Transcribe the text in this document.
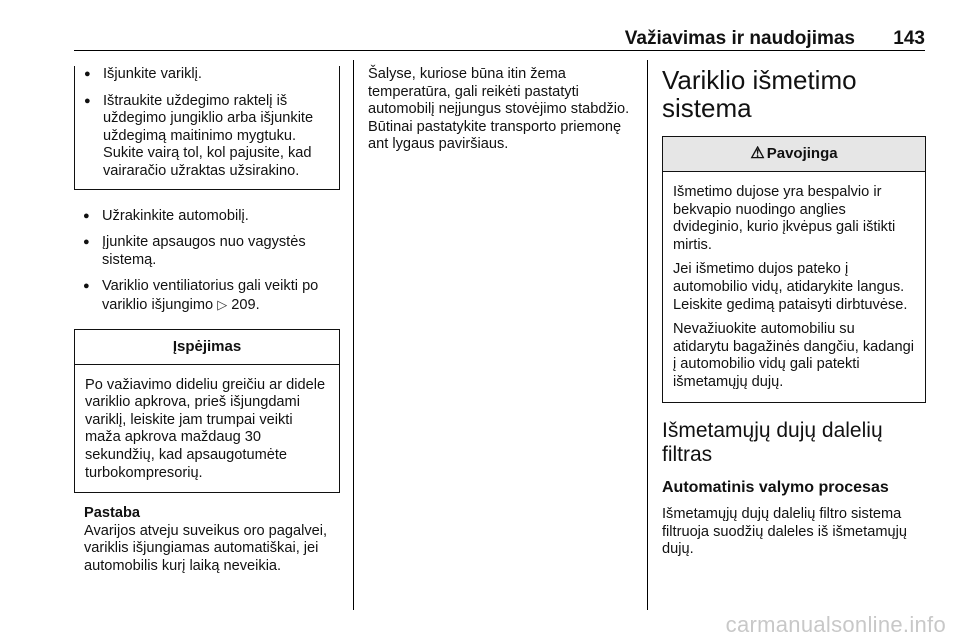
Važiavimas ir naudojimas 143
● Išjunkite variklį.
● Ištraukite uždegimo raktelį iš uždegimo jungiklio arba išjunkite uždegimą maitinimo mygtuku. Sukite vairą tol, kol pajusite, kad vairaračio užraktas užsirakino.
● Užrakinkite automobilį.
● Įjunkite apsaugos nuo vagystės sistemą.
● Variklio ventiliatorius gali veikti po variklio išjungimo ▷ 209.
Įspėjimas

Po važiavimo dideliu greičiu ar didele variklio apkrova, prieš išjungdami variklį, leiskite jam trumpai veikti maža apkrova maždaug 30 sekundžių, kad apsaugotumėte turbokompresorių.

Pastaba

Avarijos atveju suveikus oro pagalvei, variklis išjungiamas automatiškai, jei automobilis kurį laiką neveikia.

Šalyse, kuriose būna itin žema temperatūra, gali reikėti pastatyti automobilį neįjungus stovėjimo stabdžio. Būtinai pastatykite transporto priemonę ant lygaus paviršiaus.

Variklio išmetimo sistema
⚠ Pavojinga

Išmetimo dujose yra bespalvio ir bekvapio nuodingo anglies dvideginio, kurio įkvėpus gali ištikti mirtis.

Jei išmetimo dujos pateko į automobilio vidų, atidarykite langus. Leiskite gedimą pataisyti dirbtuvėse.

Nevažiuokite automobiliu su atidarytu bagažinės dangčiu, kadangi į automobilio vidų gali patekti išmetamųjų dujų.

Išmetamųjų dujų dalelių filtras
Automatinis valymo procesas

Išmetamųjų dujų dalelių filtro sistema filtruoja suodžių daleles iš išmetamųjų dujų.

carmanualsonline.info
